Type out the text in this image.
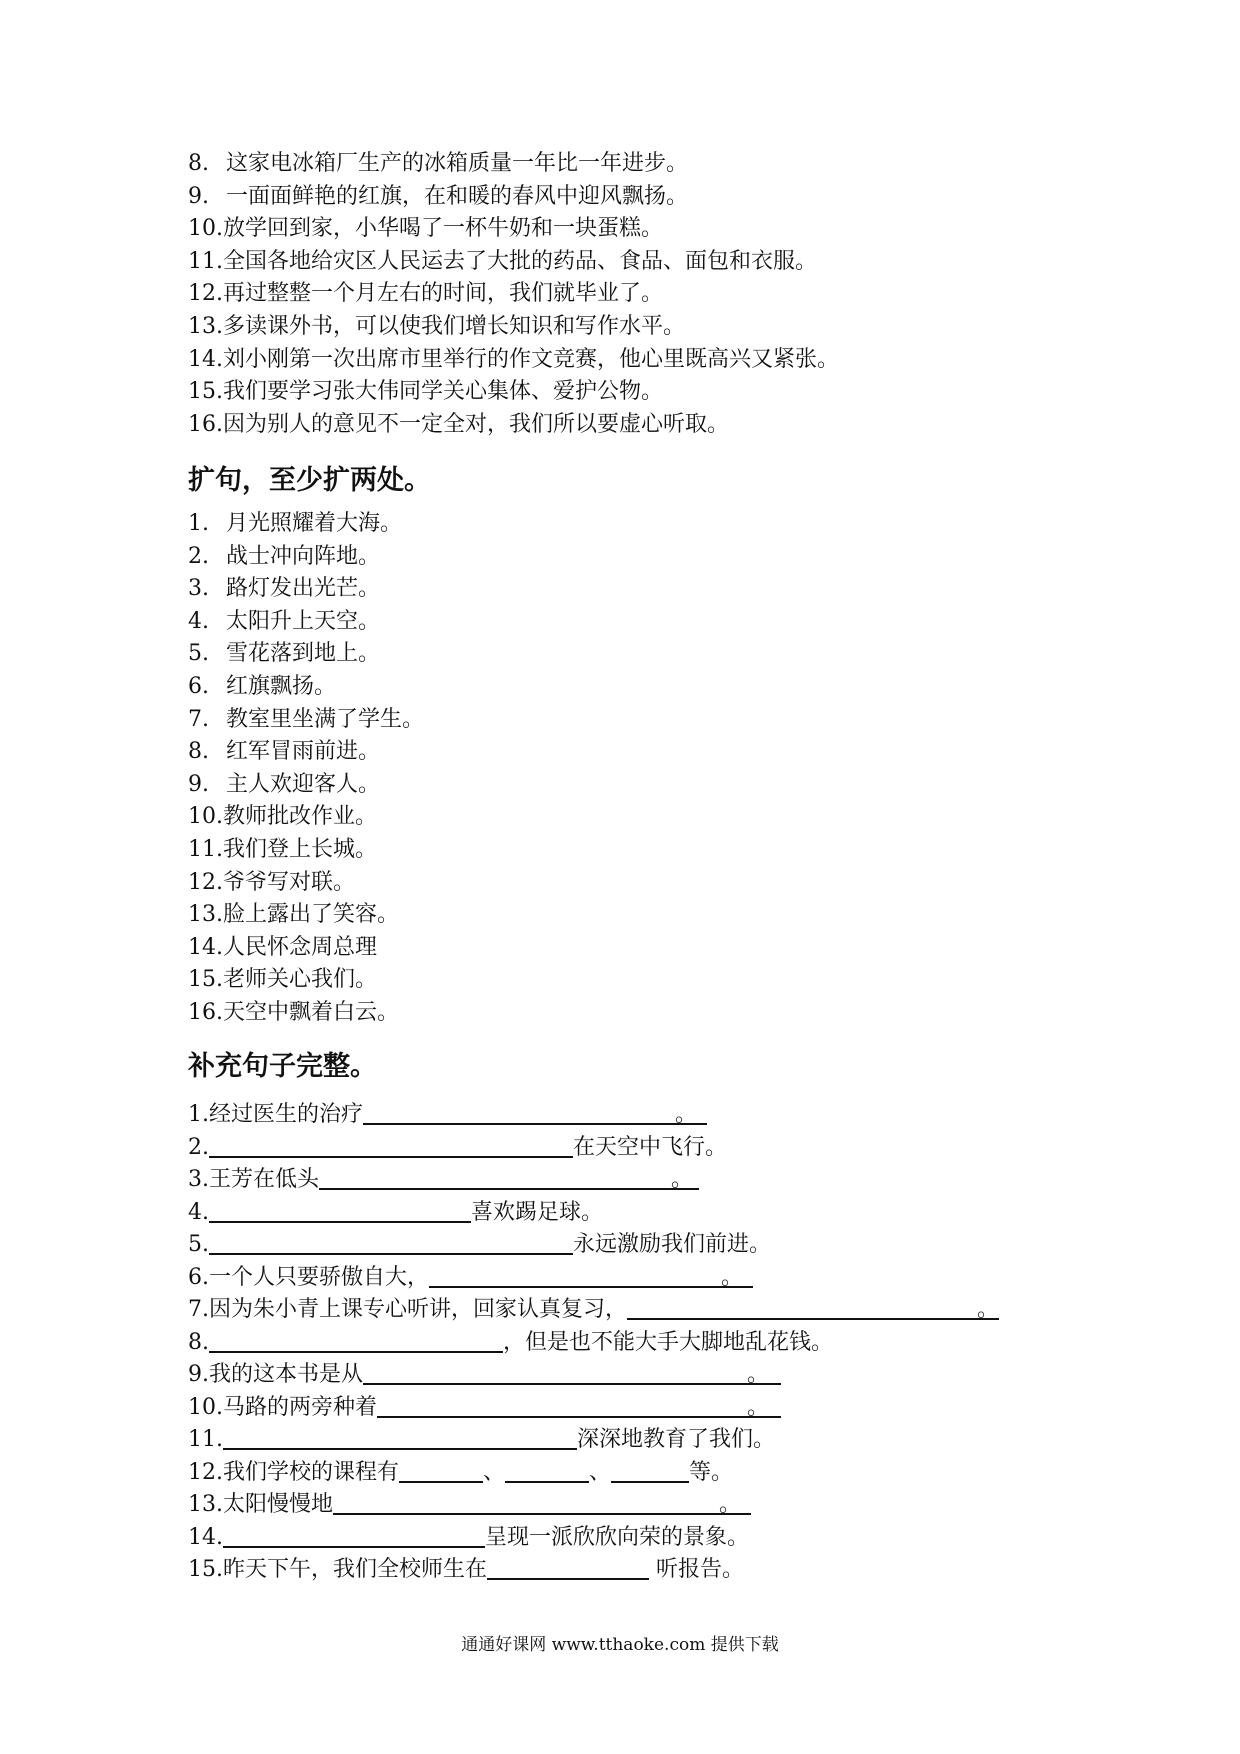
8. 这家电冰箱厂生产的冰箱质量一年比一年进步。
9. 一面面鲜艳的红旗，在和暖的春风中迎风飘扬。
10.放学回到家，小华喝了一杯牛奶和一块蛋糕。
11.全国各地给灾区人民运去了大批的药品、食品、面包和衣服。
12.再过整整一个月左右的时间，我们就毕业了。
13.多读课外书，可以使我们增长知识和写作水平。
14.刘小刚第一次出席市里举行的作文竞赛，他心里既高兴又紧张。
15.我们要学习张大伟同学关心集体、爱护公物。
16.因为别人的意见不一定全对，我们所以要虚心听取。
扩句，至少扩两处。
1. 月光照耀着大海。
2. 战士冲向阵地。
3. 路灯发出光芒。
4. 太阳升上天空。
5. 雪花落到地上。
6. 红旗飘扬。
7. 教室里坐满了学生。
8. 红军冒雨前进。
9. 主人欢迎客人。
10.教师批改作业。
11.我们登上长城。
12.爷爷写对联。
13.脸上露出了笑容。
14.人民怀念周总理
15.老师关心我们。
16.天空中飘着白云。
补充句子完整。
1.经过医生的治疗	。
2.	在天空中飞行。
3.王芳在低头	。
4.	喜欢踢足球。
5.	永远激励我们前进。
6.一个人只要骄傲自大，	。
7.因为朱小青上课专心听讲，回家认真复习，	。
8.	，但是也不能大手大脚地乱花钱。
9.我的这本书是从	。
10.马路的两旁种着	。
11.	深深地教育了我们。
12.我们学校的课程有	、	、	等。
13.太阳慢慢地	。
14.	呈现一派欣欣向荣的景象。
15.昨天下午，我们全校师生在	听报告。
通通好课网 www.tthaoke.com 提供下载
